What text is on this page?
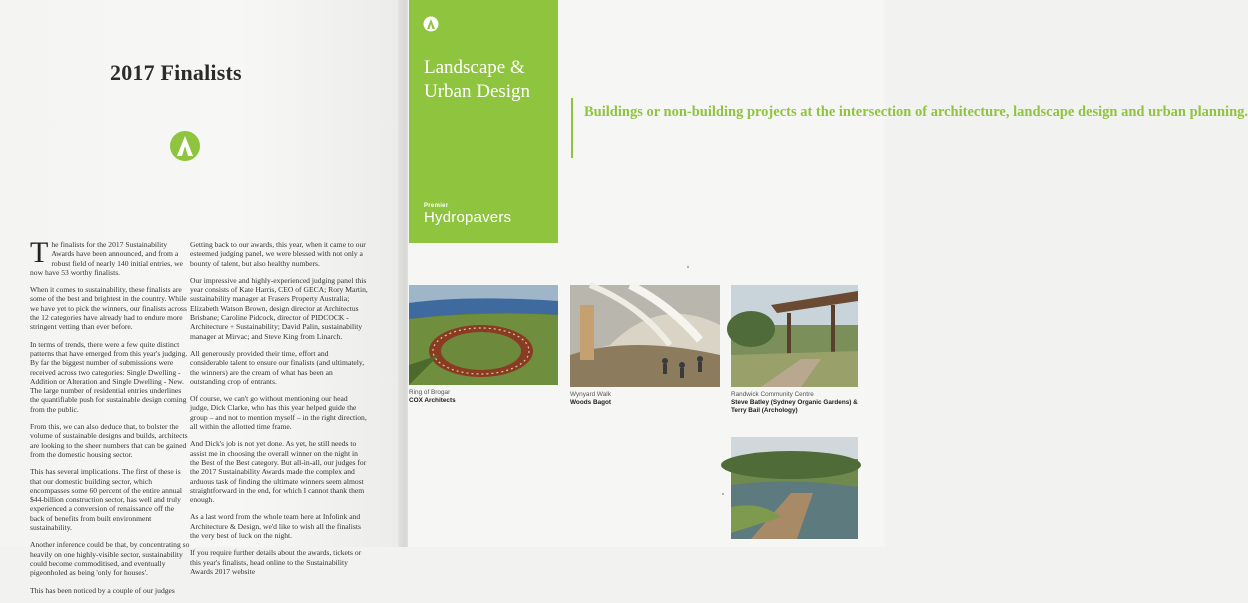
2017 Finalists

The finalists for the 2017 Sustainability Awards have been announced, and from a robust field of nearly 140 initial entries, we now have 53 worthy finalists.

When it comes to sustainability, these finalists are some of the best and brightest in the country. While we have yet to pick the winners, our finalists across the 12 categories have already had to endure more stringent vetting than ever before.

In terms of trends, there were a few quite distinct patterns that have emerged from this year's judging. By far the biggest number of submissions were received across two categories: Single Dwelling - Addition or Alteration and Single Dwelling - New. The large number of residential entries underlines the quantifiable push for sustainable design coming from the public.

From this, we can also deduce that, to bolster the volume of sustainable designs and builds, architects are looking to the sheer numbers that can be gained from the domestic housing sector.

This has several implications. The first of these is that our domestic building sector, which encompasses some 60 percent of the entire annual $44-billion construction sector, has well and truly experienced a conversion of renaissance off the back of benefits from built environment sustainability.

Another inference could be that, by concentrating so heavily on one highly-visible sector, sustainability could become commoditised, and eventually pigeonholed as being 'only for houses'.

This has been noticed by a couple of our judges

Getting back to our awards, this year, when it came to our esteemed judging panel, we were blessed with not only a bounty of talent, but also healthy numbers.

Our impressive and highly-experienced judging panel this year consists of Kate Harris, CEO of GECA; Rory Martin, sustainability manager at Frasers Property Australia; Elizabeth Watson Brown, design director at Architectus Brisbane; Caroline Pidcock, director of PIDCOCK - Architecture + Sustainability; David Palin, sustainability manager at Mirvac; and Steve King from Linarch.

All generously provided their time, effort and considerable talent to ensure our finalists (and ultimately, the winners) are the cream of what has been an outstanding crop of entrants.

Of course, we can't go without mentioning our head judge, Dick Clarke, who has this year helped guide the group – and not to mention myself – in the right direction, all within the allotted time frame.

And Dick's job is not yet done. As yet, he still needs to assist me in choosing the overall winner on the night in the Best of the Best category. But all-in-all, our judges for the 2017 Sustainability Awards made the complex and arduous task of finding the ultimate winners seem almost straightforward in the end, for which I cannot thank them enough.

As a last word from the whole team here at Infolink and Architecture & Design, we'd like to wish all the finalists the very best of luck on the night.

If you require further details about the awards, tickets or this year's finalists, head online to the Sustainability Awards 2017 website

Landscape & Urban Design
Premier
Hydropavers

Buildings or non-building projects at the intersection of architecture, landscape design and urban planning.

Ring of Brogar
COX Architects
Wynyard Walk
Woods Bagot
Randwick Community Centre
Steve Batley (Sydney Organic Gardens) & Terry Bail (Archology)
